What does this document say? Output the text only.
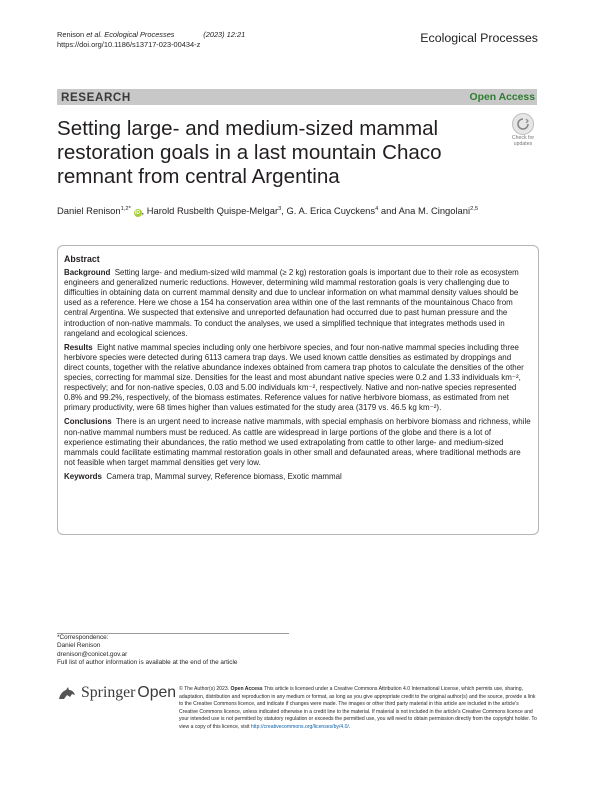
Renison et al. Ecological Processes	(2023) 12:21
https://doi.org/10.1186/s13717-023-00434-z	Ecological Processes
RESEARCH	Open Access
Setting large- and medium-sized mammal restoration goals in a last mountain Chaco remnant from central Argentina
Check for
updates
Daniel Renison$^{1,2*}$ iD , Harold Rusbelth Quispe-Melgar$^3$, G. A. Erica Cuyckens$^4$ and Ana M. Cingolani$^{2,5}$
Abstract

Background Setting large- and medium-sized wild mammal (≥ 2 kg) restoration goals is important due to their role as ecosystem engineers and generalized numeric reductions. However, determining wild mammal restoration goals is very challenging due to difficulties in obtaining data on current mammal density and due to unclear information on what mammal density values should be used as a reference. Here we chose a 154 ha conservation area within one of the last remnants of the mountainous Chaco from central Argentina. We suspected that extensive and unreported defaunation had occurred due to past human pressure and the introduction of non-native mammals. To conduct the analyses, we used a simplified technique that integrates methods used in rangeland and ecological sciences.

Results Eight native mammal species including only one herbivore species, and four non-native mammal species including three herbivore species were detected during 6113 camera trap days. We used known cattle densities as estimated by droppings and direct counts, together with the relative abundance indexes obtained from camera trap photos to calculate the densities of the other species, correcting for mammal size. Densities for the least and most abundant native species were 0.2 and 1.33 individuals km⁻², respectively; and for non-native species, 0.03 and 5.00 individuals km⁻², respectively. Native and non-native species represented 0.8% and 99.2%, respectively, of the biomass estimates. Reference values for native herbivore biomass, as estimated from net primary productivity, were 68 times higher than values estimated for the study area (3179 vs. 46.5 kg km⁻²).

Conclusions There is an urgent need to increase native mammals, with special emphasis on herbivore biomass and richness, while non-native mammal numbers must be reduced. As cattle are widespread in large portions of the globe and there is a lot of experience estimating their abundances, the ratio method we used extrapolating from cattle to other large- and medium-sized mammals could facilitate estimating mammal restoration goals in other small and defaunated areas, where traditional methods are not feasible when target mammal densities get very low.

Keywords Camera trap, Mammal survey, Reference biomass, Exotic mammal

*Correspondence:
Daniel Renison
drenison@conicet.gov.ar
Full list of author information is available at the end of the article
Springer Open © The Author(s) 2023. Open Access This article is licensed under a Creative Commons Attribution 4.0 International License, which permits use, sharing, adaptation, distribution and reproduction in any medium or format, as long as you give appropriate credit to the original author(s) and the source, provide a link to the Creative Commons licence, and indicate if changes were made. The images or other third party material in this article are included in the article's Creative Commons licence, unless indicated otherwise in a credit line to the material. If material is not included in the article's Creative Commons licence and your intended use is not permitted by statutory regulation or exceeds the permitted use, you will need to obtain permission directly from the copyright holder. To view a copy of this licence, visit http://creativecommons.org/licenses/by/4.0/.
